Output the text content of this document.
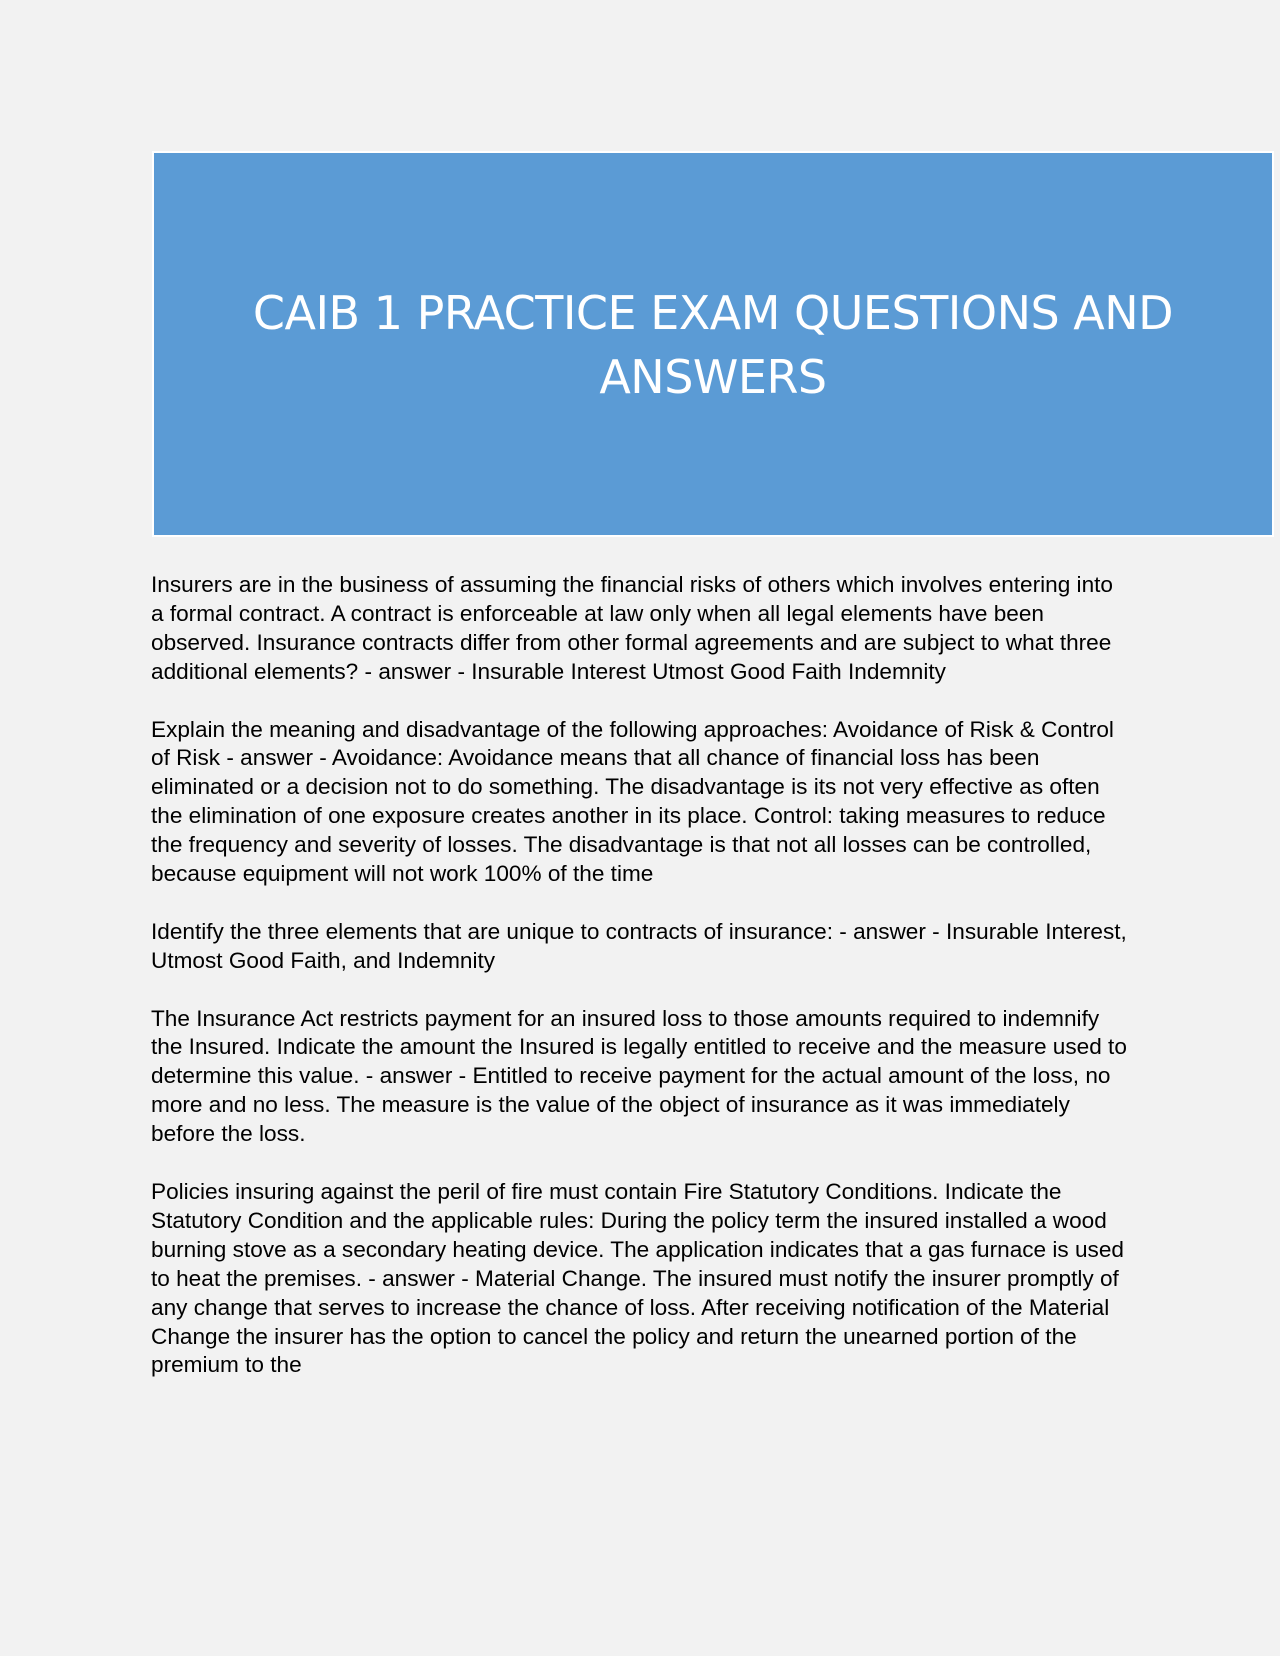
CAIB 1 PRACTICE EXAM QUESTIONS AND ANSWERS
Insurers are in the business of assuming the financial risks of others which involves entering into a formal contract. A contract is enforceable at law only when all legal elements have been observed. Insurance contracts differ from other formal agreements and are subject to what three additional elements? - answer - Insurable Interest Utmost Good Faith Indemnity
Explain the meaning and disadvantage of the following approaches: Avoidance of Risk & Control of Risk - answer - Avoidance: Avoidance means that all chance of financial loss has been eliminated or a decision not to do something. The disadvantage is its not very effective as often the elimination of one exposure creates another in its place. Control: taking measures to reduce the frequency and severity of losses. The disadvantage is that not all losses can be controlled, because equipment will not work 100% of the time
Identify the three elements that are unique to contracts of insurance: - answer - Insurable Interest, Utmost Good Faith, and Indemnity
The Insurance Act restricts payment for an insured loss to those amounts required to indemnify the Insured. Indicate the amount the Insured is legally entitled to receive and the measure used to determine this value. - answer - Entitled to receive payment for the actual amount of the loss, no more and no less. The measure is the value of the object of insurance as it was immediately before the loss.
Policies insuring against the peril of fire must contain Fire Statutory Conditions. Indicate the Statutory Condition and the applicable rules: During the policy term the insured installed a wood burning stove as a secondary heating device. The application indicates that a gas furnace is used to heat the premises. - answer - Material Change. The insured must notify the insurer promptly of any change that serves to increase the chance of loss. After receiving notification of the Material Change the insurer has the option to cancel the policy and return the unearned portion of the premium to the
